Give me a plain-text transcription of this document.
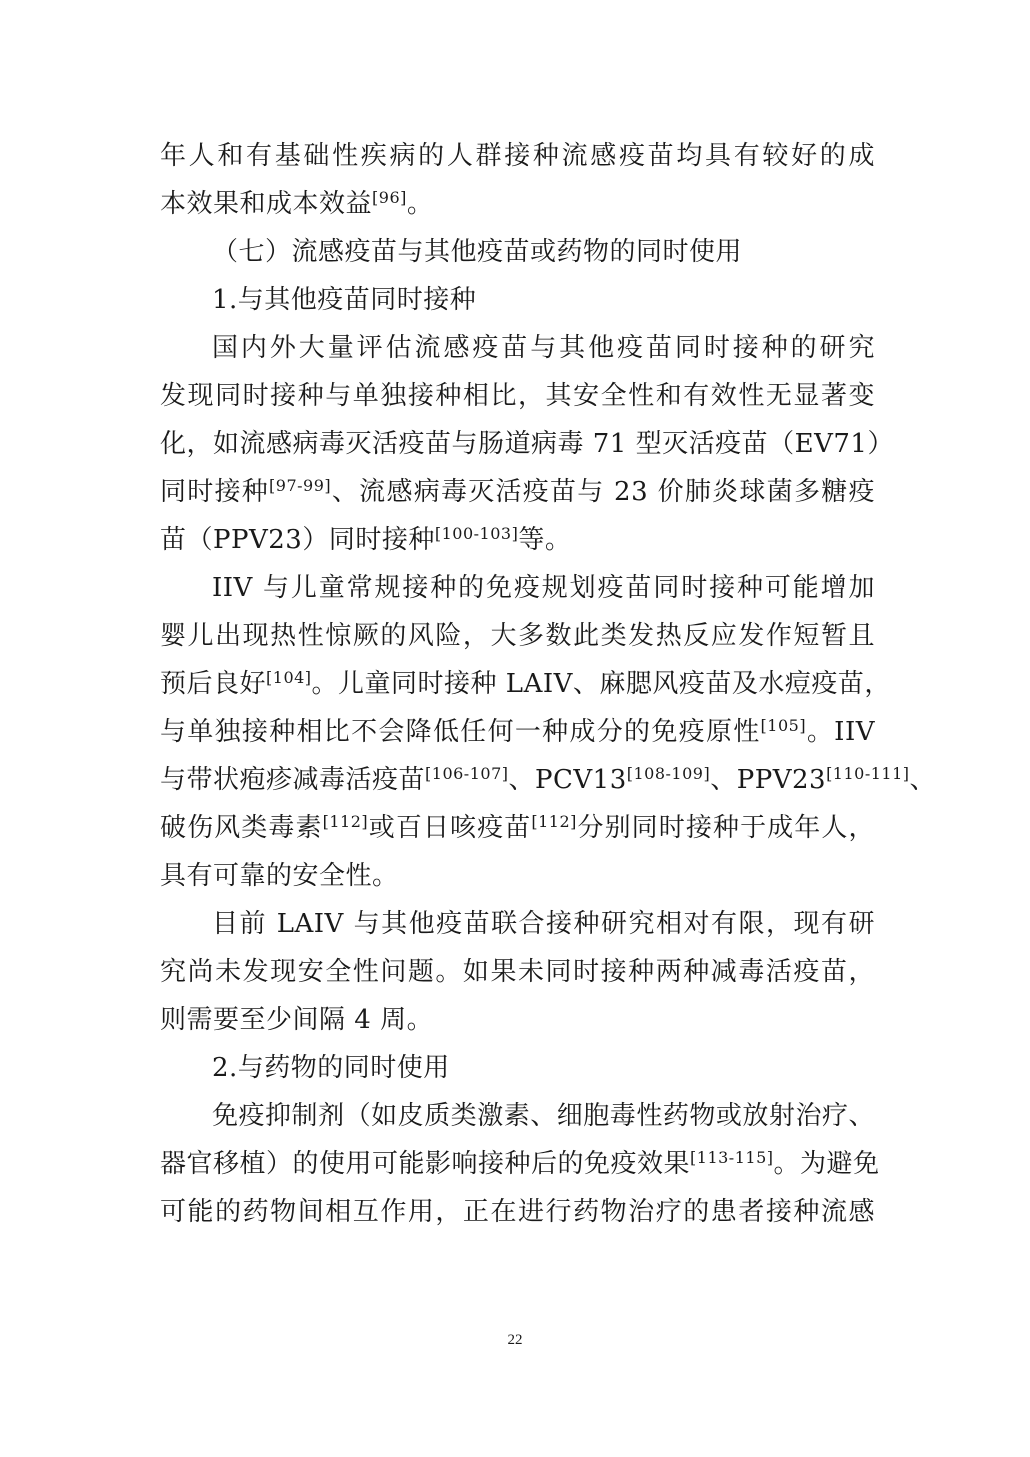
年人和有基础性疾病的人群接种流感疫苗均具有较好的成
本效果和成本效益[96]。
（七）流感疫苗与其他疫苗或药物的同时使用
1.与其他疫苗同时接种
国内外大量评估流感疫苗与其他疫苗同时接种的研究
发现同时接种与单独接种相比，其安全性和有效性无显著变
化，如流感病毒灭活疫苗与肠道病毒 71 型灭活疫苗（EV71）
同时接种[97-99]、流感病毒灭活疫苗与 23 价肺炎球菌多糖疫
苗（PPV23）同时接种[100-103]等。
IIV 与儿童常规接种的免疫规划疫苗同时接种可能增加
婴儿出现热性惊厥的风险，大多数此类发热反应发作短暂且
预后良好[104]。儿童同时接种 LAIV、麻腮风疫苗及水痘疫苗，
与单独接种相比不会降低任何一种成分的免疫原性[105]。IIV
与带状疱疹减毒活疫苗[106-107]、PCV13[108-109]、PPV23[110-111]、
破伤风类毒素[112]或百日咳疫苗[112]分别同时接种于成年人，
具有可靠的安全性。
目前 LAIV 与其他疫苗联合接种研究相对有限，现有研
究尚未发现安全性问题。如果未同时接种两种减毒活疫苗，
则需要至少间隔 4 周。
2.与药物的同时使用
免疫抑制剂（如皮质类激素、细胞毒性药物或放射治疗、
器官移植）的使用可能影响接种后的免疫效果[113-115]。为避免
可能的药物间相互作用，正在进行药物治疗的患者接种流感
22
